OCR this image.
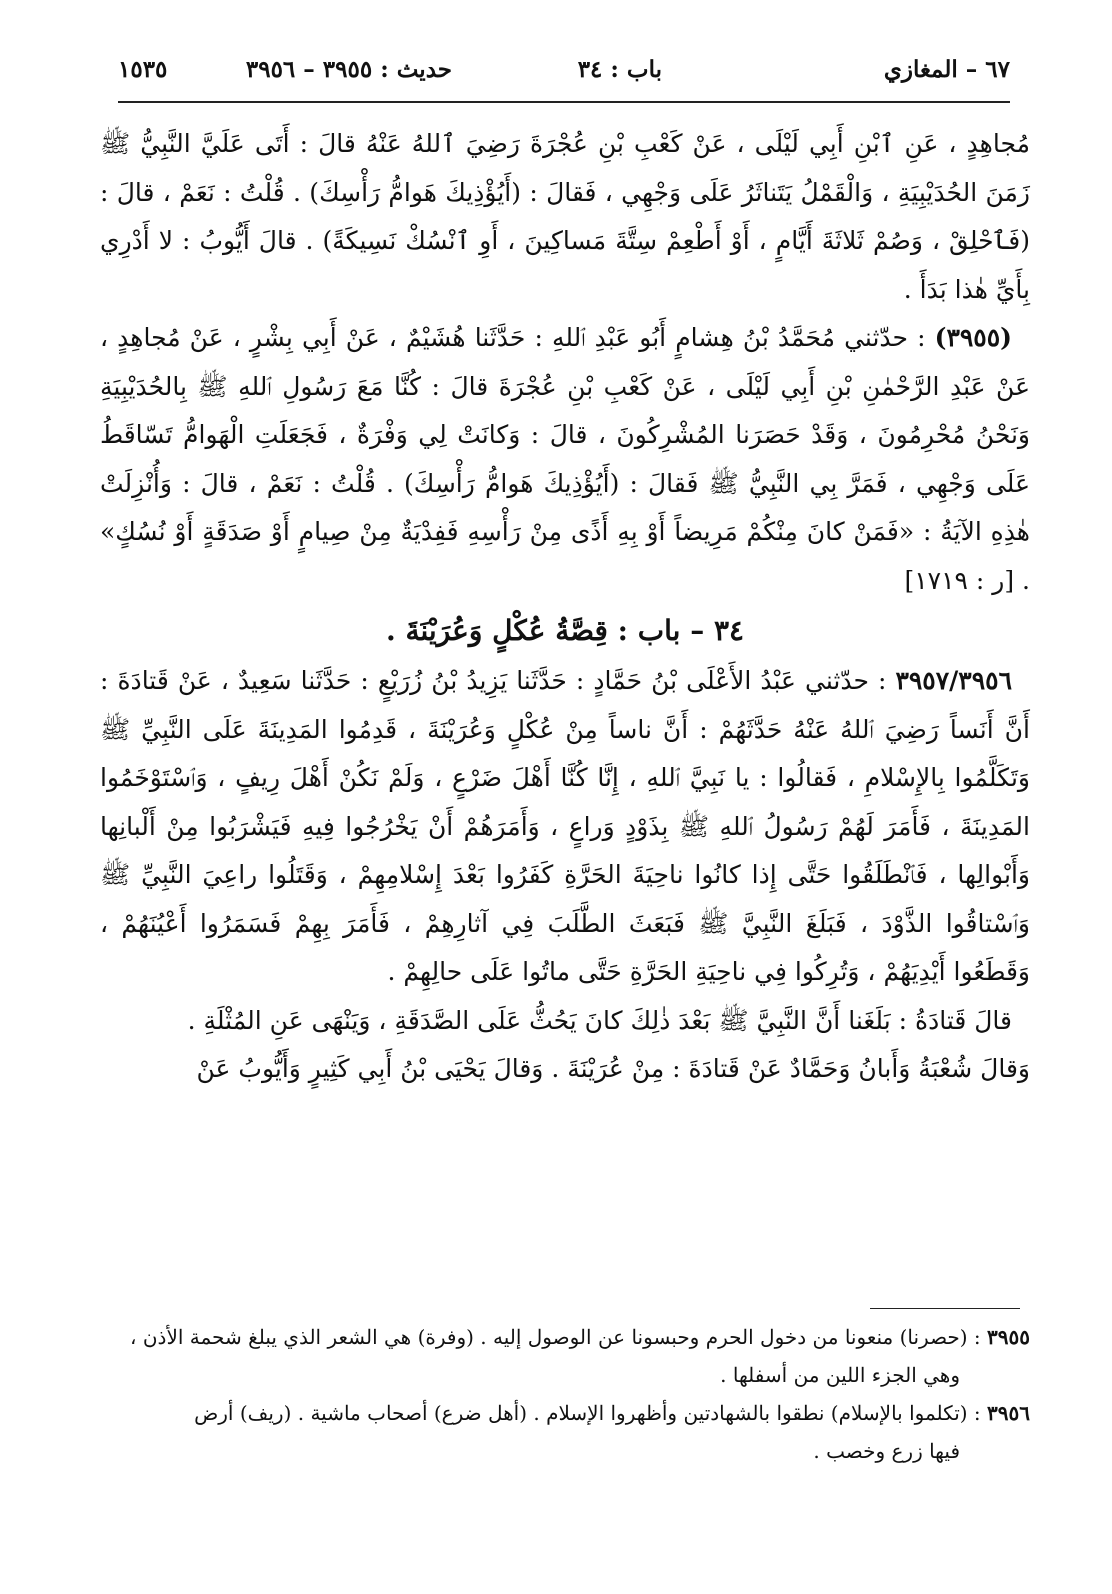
٦٧ – المغازي
باب : ٣٤
حديث : ٣٩٥٥ – ٣٩٥٦
١٥٣٥

مُجاهِدٍ ، عَنِ ٱبْنِ أَبِي لَيْلَى ، عَنْ كَعْبِ بْنِ عُجْرَةَ رَضِيَ ٱللهُ عَنْهُ قالَ : أَتَى عَلَيَّ النَّبِيُّ ﷺ زَمَنَ الحُدَيْبِيَةِ ، وَالْقَمْلُ يَتَناثَرُ عَلَى وَجْهِي ، فَقالَ : (أَيُؤْذِيكَ هَوامُّ رَأْسِكَ) . قُلْتُ : نَعَمْ ، قالَ : (فَٱحْلِقْ ، وَصُمْ ثَلاثَةَ أَيَّامٍ ، أَوْ أَطْعِمْ سِتَّةَ مَساكِينَ ، أَوِ ٱنْسُكْ نَسِيكَةً) . قالَ أَيُّوبُ : لا أَدْرِي بِأَيِّ هٰذا بَدَأَ .

(٣٩٥٥) : حدّثني مُحَمَّدُ بْنُ هِشامٍ أَبُو عَبْدِ ٱللهِ : حَدَّثَنا هُشَيْمٌ ، عَنْ أَبِي بِشْرٍ ، عَنْ مُجاهِدٍ ، عَنْ عَبْدِ الرَّحْمٰنِ بْنِ أَبِي لَيْلَى ، عَنْ كَعْبِ بْنِ عُجْرَةَ قالَ : كُنَّا مَعَ رَسُولِ ٱللهِ ﷺ بِالحُدَيْبِيَةِ وَنَحْنُ مُحْرِمُونَ ، وَقَدْ حَصَرَنا المُشْرِكُونَ ، قالَ : وَكانَتْ لِي وَفْرَةٌ ، فَجَعَلَتِ الْهَوامُّ تَسّاقَطُ عَلَى وَجْهِي ، فَمَرَّ بِي النَّبِيُّ ﷺ فَقالَ : (أَيُؤْذِيكَ هَوامُّ رَأْسِكَ) . قُلْتُ : نَعَمْ ، قالَ : وَأُنْزِلَتْ هٰذِهِ الآيَةُ : «فَمَنْ كانَ مِنْكُمْ مَرِيضاً أَوْ بِهِ أَذًى مِنْ رَأْسِهِ فَفِدْيَةٌ مِنْ صِيامٍ أَوْ صَدَقَةٍ أَوْ نُسُكٍ» . [ر : ١٧١٩]

٣٤ – باب : قِصَّةُ عُكْلٍ وَعُرَيْنَةَ .

٣٩٥٧/٣٩٥٦ : حدّثني عَبْدُ الأَعْلَى بْنُ حَمَّادٍ : حَدَّثَنا يَزِيدُ بْنُ زُرَيْعٍ : حَدَّثَنا سَعِيدٌ ، عَنْ قَتادَةَ : أَنَّ أَنَساً رَضِيَ ٱللهُ عَنْهُ حَدَّثَهُمْ : أَنَّ ناساً مِنْ عُكْلٍ وَعُرَيْنَةَ ، قَدِمُوا المَدِينَةَ عَلَى النَّبِيِّ ﷺ وَتَكَلَّمُوا بِالإِسْلامِ ، فَقالُوا : يا نَبِيَّ ٱللهِ ، إِنَّا كُنَّا أَهْلَ ضَرْعٍ ، وَلَمْ نَكُنْ أَهْلَ رِيفٍ ، وَٱسْتَوْخَمُوا المَدِينَةَ ، فَأَمَرَ لَهُمْ رَسُولُ ٱللهِ ﷺ بِذَوْدٍ وَراعٍ ، وَأَمَرَهُمْ أَنْ يَخْرُجُوا فِيهِ فَيَشْرَبُوا مِنْ أَلْبانِها وَأَبْوالِها ، فَٱنْطَلَقُوا حَتَّى إِذا كانُوا ناحِيَةَ الحَرَّةِ كَفَرُوا بَعْدَ إِسْلامِهِمْ ، وَقَتَلُوا راعِيَ النَّبِيِّ ﷺ وَٱسْتاقُوا الذَّوْدَ ، فَبَلَغَ النَّبِيَّ ﷺ فَبَعَثَ الطَّلَبَ فِي آثارِهِمْ ، فَأَمَرَ بِهِمْ فَسَمَرُوا أَعْيُنَهُمْ ، وَقَطَعُوا أَيْدِيَهُمْ ، وَتُرِكُوا فِي ناحِيَةِ الحَرَّةِ حَتَّى ماتُوا عَلَى حالِهِمْ .

قالَ قَتادَةُ : بَلَغَنا أَنَّ النَّبِيَّ ﷺ بَعْدَ ذٰلِكَ كانَ يَحُثُّ عَلَى الصَّدَقَةِ ، وَيَنْهَى عَنِ المُثْلَةِ .

وَقالَ شُعْبَةُ وَأَبانُ وَحَمَّادٌ عَنْ قَتادَةَ : مِنْ عُرَيْنَةَ . وَقالَ يَحْيَى بْنُ أَبِي كَثِيرٍ وَأَيُّوبُ عَنْ

٣٩٥٥ : (حصرنا) منعونا من دخول الحرم وحبسونا عن الوصول إليه . (وفرة) هي الشعر الذي يبلغ شحمة الأذن ،

وهي الجزء اللين من أسفلها .

٣٩٥٦ : (تكلموا بالإسلام) نطقوا بالشهادتين وأظهروا الإسلام . (أهل ضرع) أصحاب ماشية . (ريف) أرض

فيها زرع وخصب .
